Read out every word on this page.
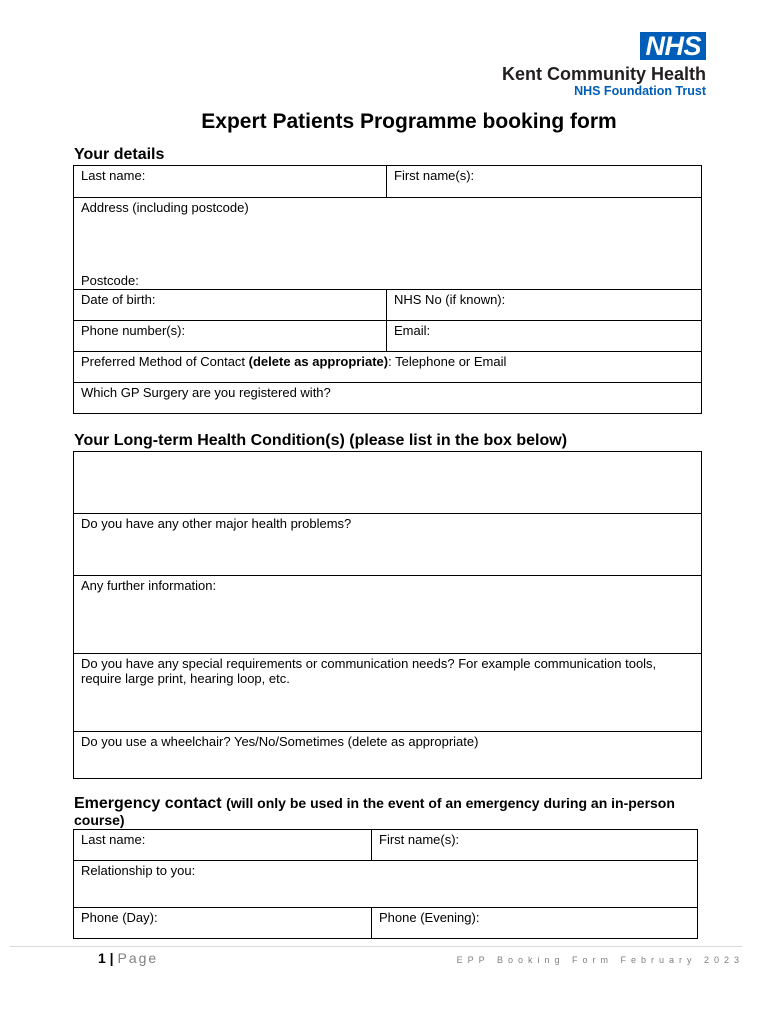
NHS
Kent Community Health
NHS Foundation Trust
Expert Patients Programme booking form
Your details
Last name:	First name(s):

Address (including postcode)
Postcode:	

Date of birth:	NHS No (if known):
Phone number(s):	Email:
Preferred Method of Contact (delete as appropriate): Telephone or Email	
Which GP Surgery are you registered with?	
Your Long-term Health Condition(s) (please list in the box below)

Do you have any other major health problems?
Any further information:
Do you have any special requirements or communication needs? For example communication tools, require large print, hearing loop, etc.
Do you use a wheelchair? Yes/No/Sometimes (delete as appropriate)
Emergency contact (will only be used in the event of an emergency during an in-person course)
Last name:	First name(s):
Relationship to you:	
Phone (Day):	Phone (Evening):
1 | Page	EPP Booking Form February 2023
